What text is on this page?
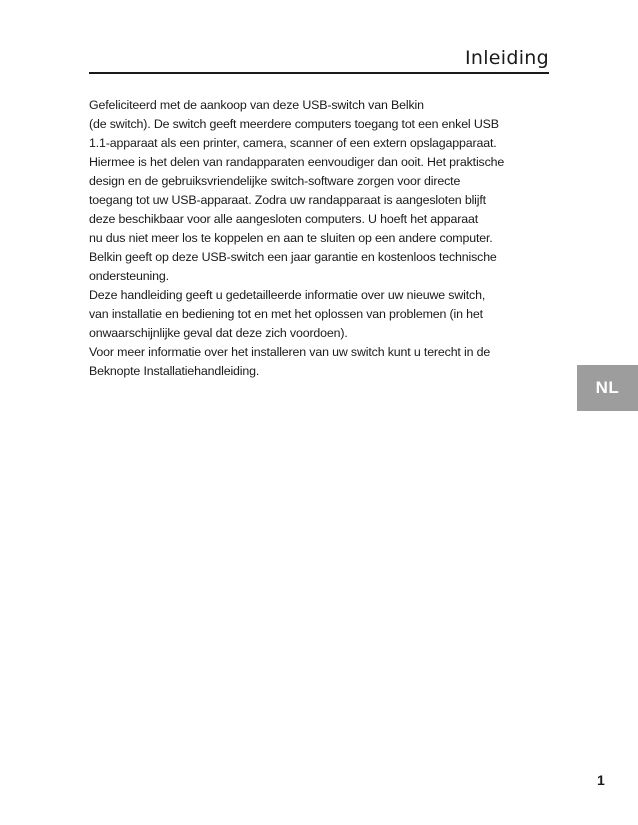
Inleiding
Gefeliciteerd met de aankoop van deze USB-switch van Belkin
(de switch). De switch geeft meerdere computers toegang tot een enkel USB
1.1-apparaat als een printer, camera, scanner of een extern opslagapparaat.
Hiermee is het delen van randapparaten eenvoudiger dan ooit. Het praktische
design en de gebruiksvriendelijke switch-software zorgen voor directe
toegang tot uw USB-apparaat. Zodra uw randapparaat is aangesloten blijft
deze beschikbaar voor alle aangesloten computers. U hoeft het apparaat
nu dus niet meer los te koppelen en aan te sluiten op een andere computer.
Belkin geeft op deze USB-switch een jaar garantie en kostenloos technische
ondersteuning.
Deze handleiding geeft u gedetailleerde informatie over uw nieuwe switch,
van installatie en bediening tot en met het oplossen van problemen (in het
onwaarschijnlijke geval dat deze zich voordoen).
Voor meer informatie over het installeren van uw switch kunt u terecht in de
Beknopte Installatiehandleiding.
NL
1
